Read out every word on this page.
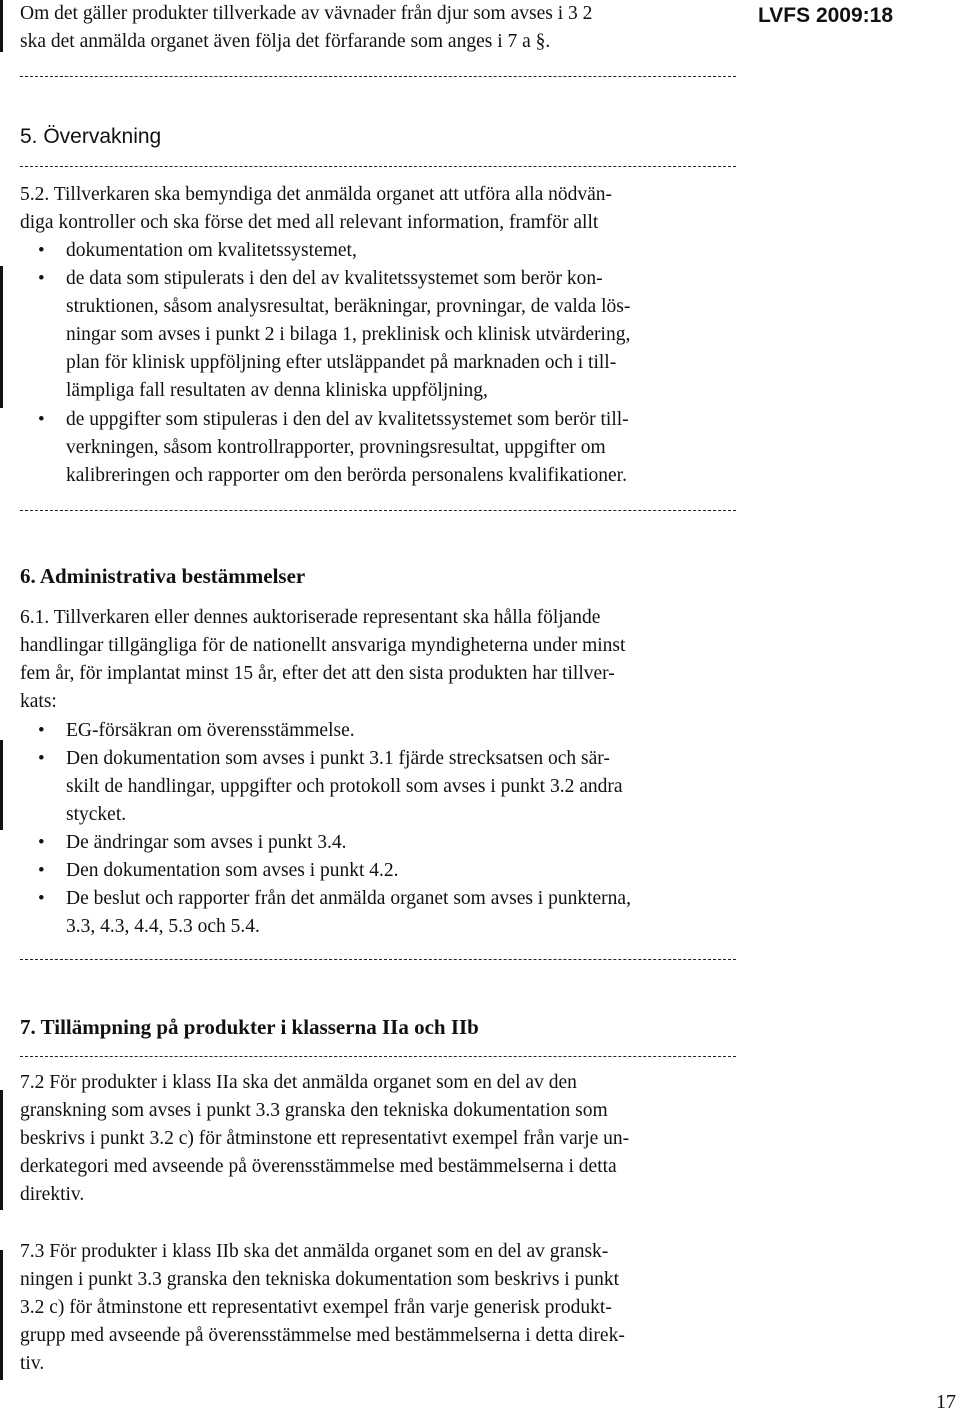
LVFS 2009:18
Om det gäller produkter tillverkade av vävnader från djur som avses i 3 2
ska det anmälda organet även följa det förfarande som anges i 7 a §.
5. Övervakning
5.2. Tillverkaren ska bemyndiga det anmälda organet att utföra alla nödvän-
diga kontroller och ska förse det med all relevant information, framför allt
• dokumentation om kvalitetssystemet,
• de data som stipulerats i den del av kvalitetssystemet som berör kon-
struktionen, såsom analysresultat, beräkningar, provningar, de valda lös-
ningar som avses i punkt 2 i bilaga 1, preklinisk och klinisk utvärdering,
plan för klinisk uppföljning efter utsläppandet på marknaden och i till-
lämpliga fall resultaten av denna kliniska uppföljning,
• de uppgifter som stipuleras i den del av kvalitetssystemet som berör till-
verkningen, såsom kontrollrapporter, provningsresultat, uppgifter om
kalibreringen och rapporter om den berörda personalens kvalifikationer.
6. Administrativa bestämmelser
6.1. Tillverkaren eller dennes auktoriserade representant ska hålla följande
handlingar tillgängliga för de nationellt ansvariga myndigheterna under minst
fem år, för implantat minst 15 år, efter det att den sista produkten har tillver-
kats:
• EG-försäkran om överensstämmelse.
• Den dokumentation som avses i punkt 3.1 fjärde strecksatsen och sär-
skilt de handlingar, uppgifter och protokoll som avses i punkt 3.2 andra
stycket.
• De ändringar som avses i punkt 3.4.
• Den dokumentation som avses i punkt 4.2.
• De beslut och rapporter från det anmälda organet som avses i punkterna,
3.3, 4.3, 4.4, 5.3 och 5.4.
7. Tillämpning på produkter i klasserna IIa och IIb
7.2 För produkter i klass IIa ska det anmälda organet som en del av den
granskning som avses i punkt 3.3 granska den tekniska dokumentation som
beskrivs i punkt 3.2 c) för åtminstone ett representativt exempel från varje un-
derkategori med avseende på överensstämmelse med bestämmelserna i detta
direktiv.
7.3 För produkter i klass IIb ska det anmälda organet som en del av gransk-
ningen i punkt 3.3 granska den tekniska dokumentation som beskrivs i punkt
3.2 c) för åtminstone ett representativt exempel från varje generisk produkt-
grupp med avseende på överensstämmelse med bestämmelserna i detta direk-
tiv.
17
